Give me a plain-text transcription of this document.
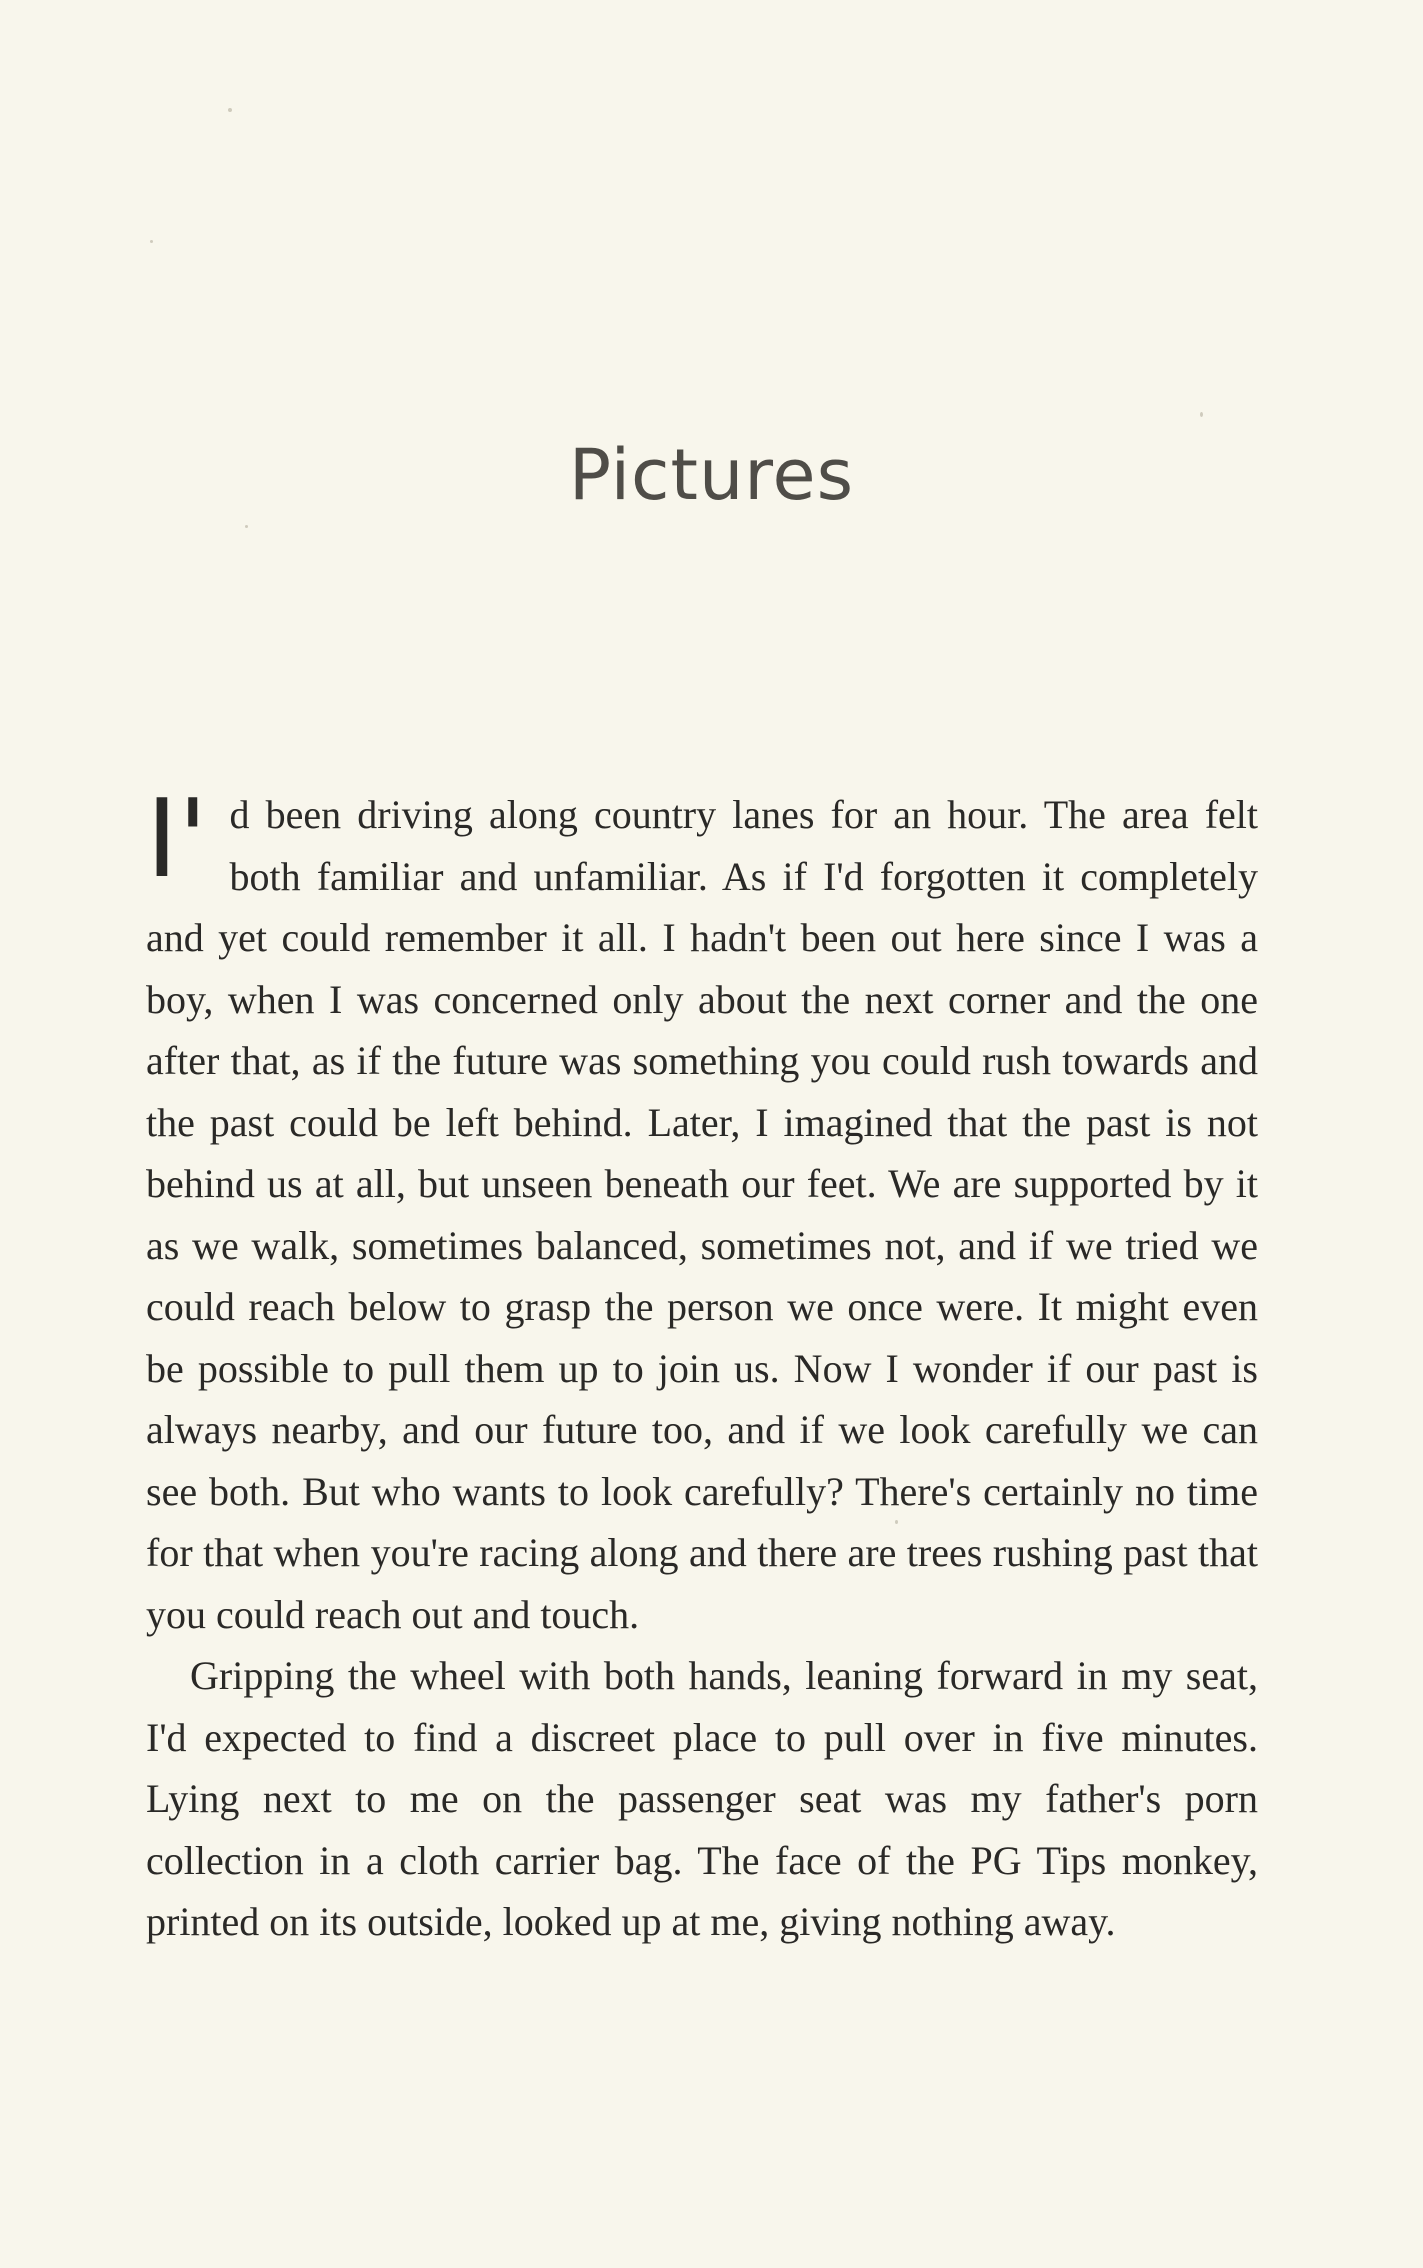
Pictures

I'd been driving along country lanes for an hour. The area felt both familiar and unfamiliar. As if I'd forgotten it completely and yet could remember it all. I hadn't been out here since I was a boy, when I was concerned only about the next corner and the one after that, as if the future was something you could rush towards and the past could be left behind. Later, I imagined that the past is not behind us at all, but unseen beneath our feet. We are supported by it as we walk, sometimes balanced, sometimes not, and if we tried we could reach below to grasp the person we once were. It might even be possible to pull them up to join us. Now I wonder if our past is always nearby, and our future too, and if we look carefully we can see both. But who wants to look carefully? There's certainly no time for that when you're racing along and there are trees rushing past that you could reach out and touch.

Gripping the wheel with both hands, leaning forward in my seat, I'd expected to find a discreet place to pull over in five minutes. Lying next to me on the passenger seat was my father's porn collection in a cloth carrier bag. The face of the PG Tips monkey, printed on its outside, looked up at me, giving nothing away.
